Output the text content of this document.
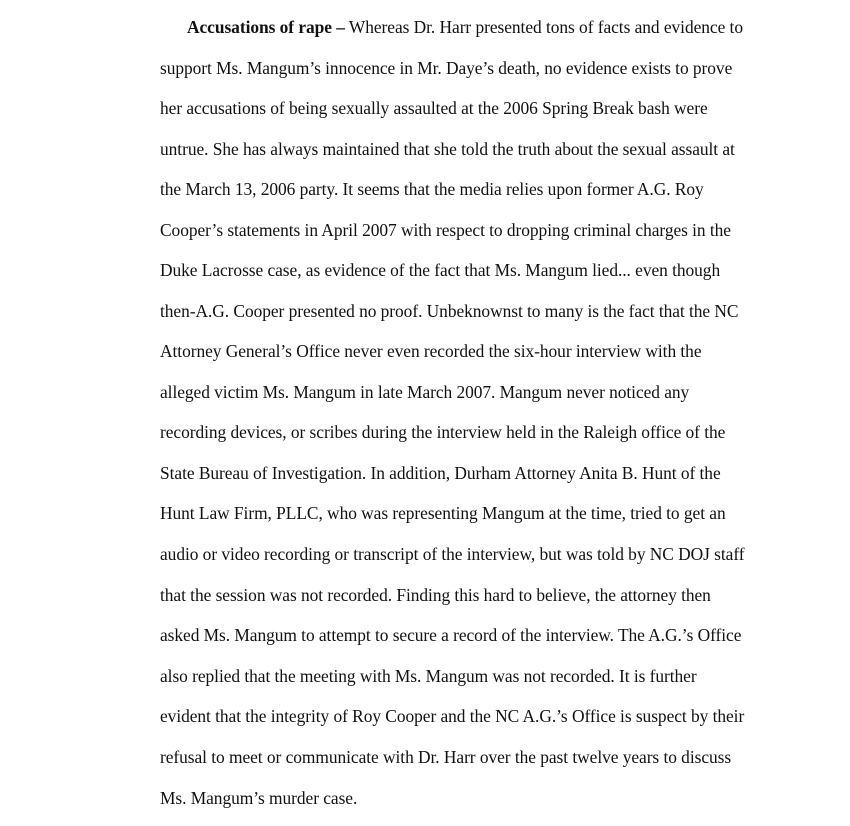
Accusations of rape – Whereas Dr. Harr presented tons of facts and evidence to
support Ms. Mangum’s innocence in Mr. Daye’s death, no evidence exists to prove
her accusations of being sexually assaulted at the 2006 Spring Break bash were
untrue. She has always maintained that she told the truth about the sexual assault at
the March 13, 2006 party. It seems that the media relies upon former A.G. Roy
Cooper’s statements in April 2007 with respect to dropping criminal charges in the
Duke Lacrosse case, as evidence of the fact that Ms. Mangum lied... even though
then-A.G. Cooper presented no proof. Unbeknownst to many is the fact that the NC
Attorney General’s Office never even recorded the six-hour interview with the
alleged victim Ms. Mangum in late March 2007. Mangum never noticed any
recording devices, or scribes during the interview held in the Raleigh office of the
State Bureau of Investigation. In addition, Durham Attorney Anita B. Hunt of the
Hunt Law Firm, PLLC, who was representing Mangum at the time, tried to get an
audio or video recording or transcript of the interview, but was told by NC DOJ staff
that the session was not recorded. Finding this hard to believe, the attorney then
asked Ms. Mangum to attempt to secure a record of the interview. The A.G.’s Office
also replied that the meeting with Ms. Mangum was not recorded. It is further
evident that the integrity of Roy Cooper and the NC A.G.’s Office is suspect by their
refusal to meet or communicate with Dr. Harr over the past twelve years to discuss
Ms. Mangum’s murder case.
